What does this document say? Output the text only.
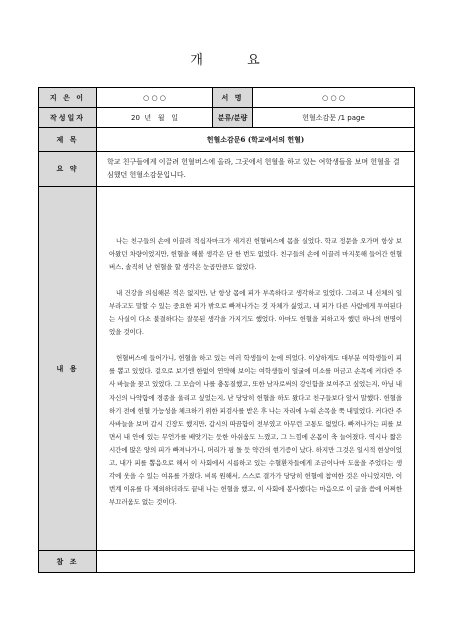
개 요
지 은 이	○ ○ ○	서 명	○ ○ ○
작성일자	20  년   월   일	분류/분량	헌혈소감문 /1 page
제 목	헌혈소감문6 (학교에서의 헌혈)		
요 약	학교 친구들에게 이끌려 헌혈버스에 올라, 그곳에서 헌혈을 하고 있는 여학생들을 보며 헌혈을 결심했던 헌혈소감문입니다.		
내 용	나는 친구들의 손에 이끌려 적십자마크가 새겨진 헌혈버스에 몸을 실었다. 학교 정문을 오가며 항상 보아왔던 차량이었지만, 헌혈을 해볼 생각은 단 한 번도 없었다. 친구들의 손에 이끌려 마지못해 들어간 헌혈버스, 솔직히 난 헌혈을 할 생각은 눈곱만큼도 없었다.

내 건강을 의심해본 적은 없지만, 난 항상 몸에 피가 부족하다고 생각하고 있었다. 그리고 내 신체의 일부라고도 말할 수 있는 중요한 피가 밖으로 빠져나가는 것 자체가 싫었고, 내 피가 다른 사람에게 투여된다는 사실이 다소 불결하다는 잘못된 생각을 가지기도 했었다. 아마도 헌혈을 피하고자 했던 하나의 변명이었을 것이다.

헌혈버스에 들어가니, 헌혈을 하고 있는 여러 학생들이 눈에 띄었다. 이상하게도 대부분 여학생들이 피를 뽑고 있었다. 겉으로 보기엔 한없이 연약해 보이는 여학생들이 얼굴에 미소를 머금고 손목에 커다란 주사 바늘을 꽂고 있었다. 그 모습이 나를 충동질했고, 또한 남자로써의 강인함을 보여주고 싶었는지, 아님 내 자신의 나약함에 경종을 울리고 싶었는지, 난 당당히 헌혈을 하도 왔다고 친구들보다 앞서 말했다. 헌혈을 하기 전에 헌혈 가능성을 체크하기 위한 피검사를 받은 후 나는 자리에 누워 손목을 쭉 내밀었다. 커다란 주사바늘을 보며 갑시 긴장도 했지만, 갑시의 따끔함이 전부였고 아무런 고통도 없었다. 빠져나가는 피를 보면서 내 안에 있는 무언가를 배앗기는 듯한 아쉬움도 느꼈고, 그 느낌에 온몸이 축 늘어졌다. 역시나 짧은 시간에 많은 양의 피가 빠져나가니, 머리가 핑 돌 듯 약간의 현기증이 났다. 하지만 그것은 일시적 현상이었고, 내가 피를 뽑음으로 해서 이 사회에서 시름하고 있는 수혈환자들에게 조금이나마 도움을 주었다는 생각에 웃을 수 있는 여유를 가졌다. 비록 원해서, 스스로 결가가 당당히 헌혈에 참여한 것은 아니었지만, 이번계 이유를 다 제외하더라도 끝내 나는 헌혈을 했고, 이 사회에 봉사했다는 마음으로 이 글을 씀에 어쩌한 부끄러움도 없는 것이다.		

참 조			
